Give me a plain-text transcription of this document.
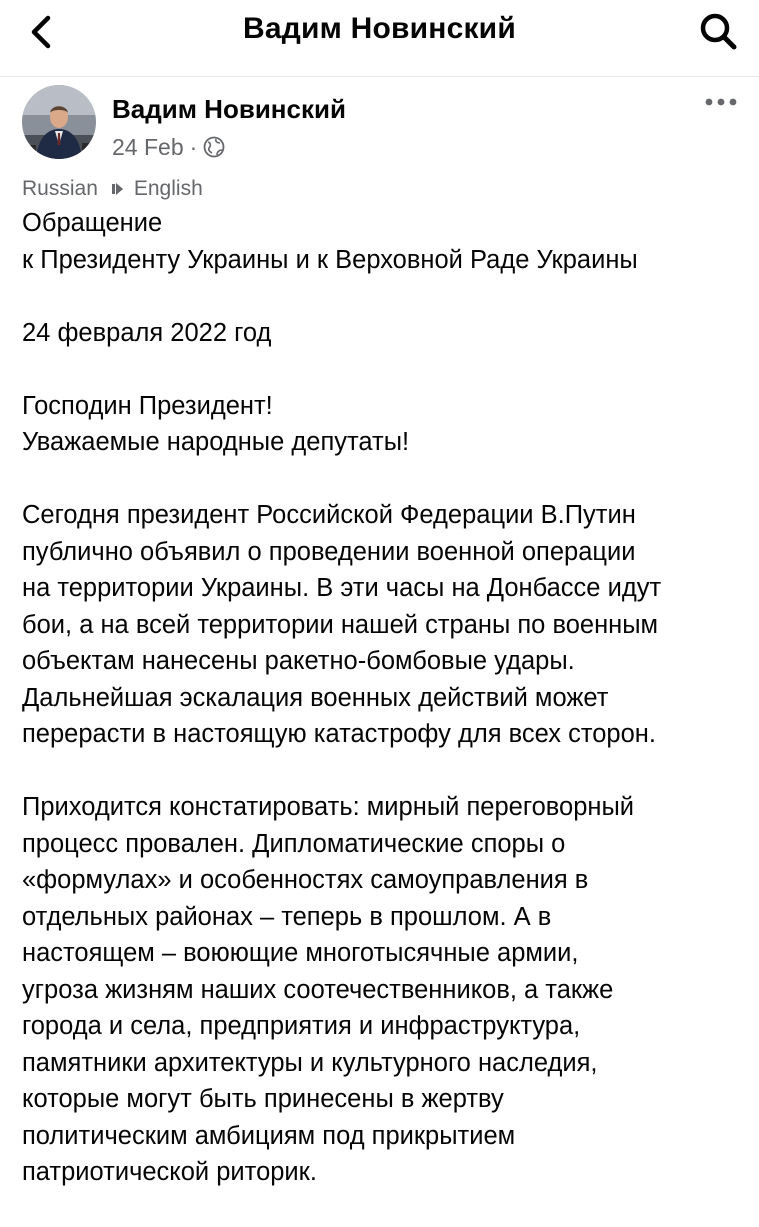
Вадим Новинский
Вадим Новинский
24 Feb ·
Russian English

Обращение
к Президенту Украины и к Верховной Раде Украины

24 февраля 2022 год

Господин Президент!
Уважаемые народные депутаты!

Сегодня президент Российской Федерации В.Путин
публично объявил о проведении военной операции
на территории Украины. В эти часы на Донбассе идут
бои, а на всей территории нашей страны по военным
объектам нанесены ракетно-бомбовые удары.
Дальнейшая эскалация военных действий может
перерасти в настоящую катастрофу для всех сторон.

Приходится констатировать: мирный переговорный
процесс провален. Дипломатические споры о
«формулах» и особенностях самоуправления в
отдельных районах – теперь в прошлом. А в
настоящем – воюющие многотысячные армии,
угроза жизням наших соотечественников, а также
города и села, предприятия и инфраструктура,
памятники архитектуры и культурного наследия,
которые могут быть принесены в жертву
политическим амбициям под прикрытием
патриотической риторик.
